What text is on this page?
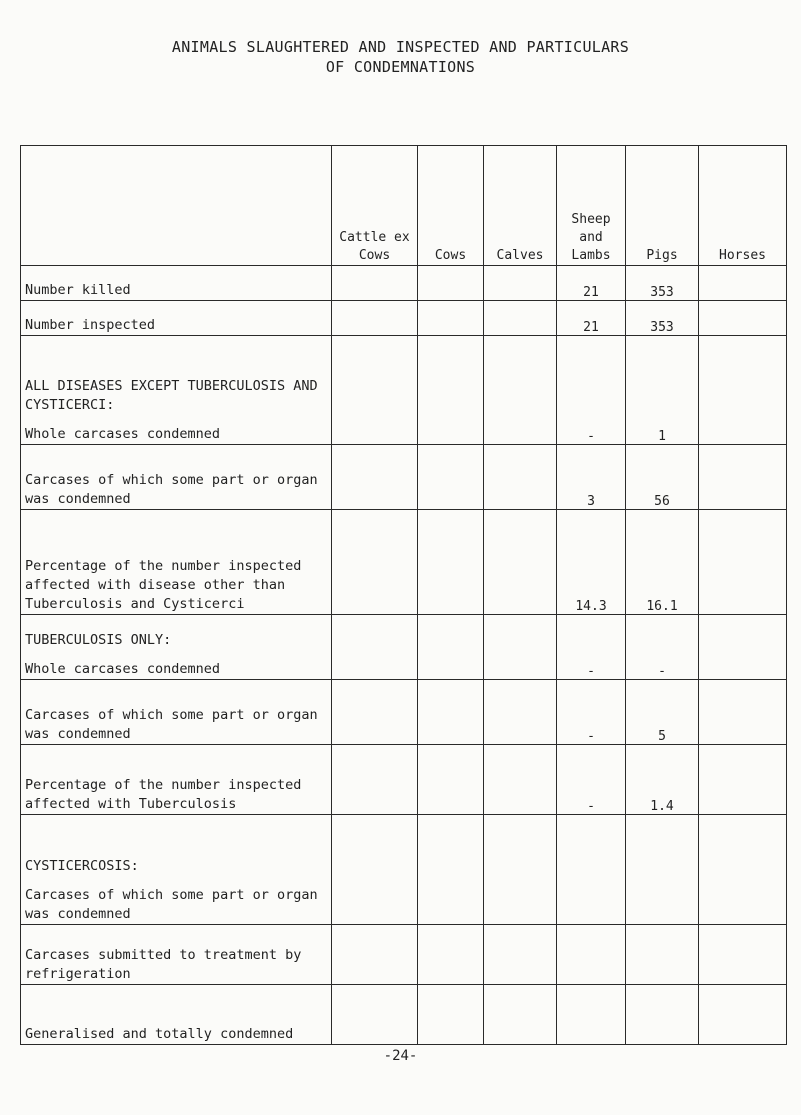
ANIMALS SLAUGHTERED AND INSPECTED AND PARTICULARS
OF CONDEMNATIONS
	Cattle ex Cows	Cows	Calves	Sheep and Lambs	Pigs	Horses
Number killed				21	353	
Number inspected				21	353	

ALL DISEASES EXCEPT TUBERCULOSIS AND CYSTICERCI:
Whole carcases condemned				-	1	
Carcases of which some part or organ was condemned				3	56	
Percentage of the number inspected affected with disease other than Tuberculosis and Cysticerci				14.3	16.1	

TUBERCULOSIS ONLY:
Whole carcases condemned				-	-	
Carcases of which some part or organ was condemned				-	5	
Percentage of the number inspected affected with Tuberculosis				-	1.4	

CYSTICERCOSIS:
Carcases of which some part or organ was condemned						
Carcases submitted to treatment by refrigeration						
Generalised and totally condemned						
-24-
